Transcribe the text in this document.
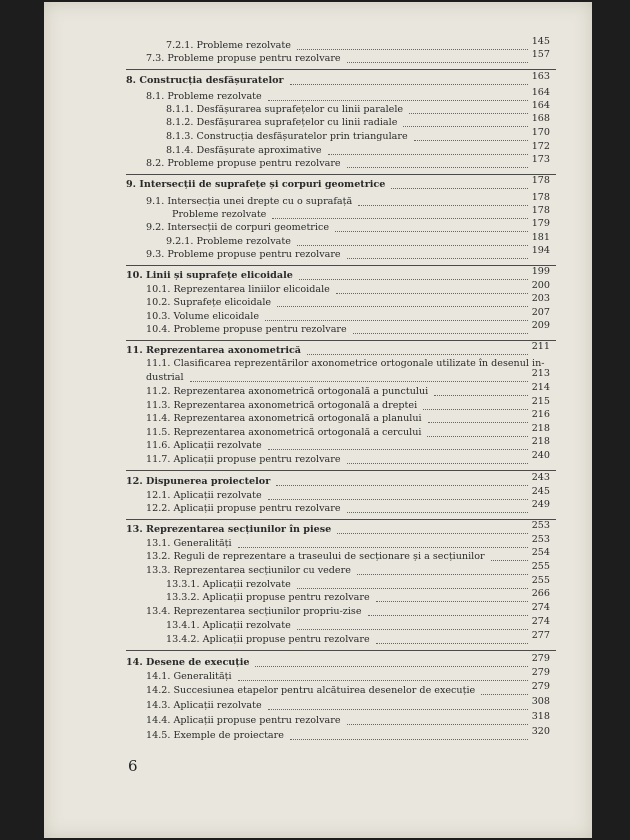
7.2.1. Probleme rezolvate	145
7.3. Probleme propuse pentru rezolvare	157
8. Construcția desfășuratelor	163
8.1. Probleme rezolvate	164
8.1.1. Desfășurarea suprafețelor cu linii paralele	164
8.1.2. Desfășurarea suprafețelor cu linii radiale	168
8.1.3. Construcția desfășuratelor prin triangulare	170
8.1.4. Desfășurate aproximative	172
8.2. Probleme propuse pentru rezolvare	173
9. Intersecții de suprafețe și corpuri geometrice	178
9.1. Intersecția unei drepte cu o suprafață	178
Probleme rezolvate	178
9.2. Intersecții de corpuri geometrice	179
9.2.1. Probleme rezolvate	181
9.3. Probleme propuse pentru rezolvare	194
10. Linii și suprafețe elicoidale	199
10.1. Reprezentarea liniilor elicoidale	200
10.2. Suprafețe elicoidale	203
10.3. Volume elicoidale	207
10.4. Probleme propuse pentru rezolvare	209
11. Reprezentarea axonometrică	211
11.1. Clasificarea reprezentărilor axonometrice ortogonale utilizate în desenul in-
dustrial	213
11.2. Reprezentarea axonometrică ortogonală a punctului	214
11.3. Reprezentarea axonometrică ortogonală a dreptei	215
11.4. Reprezentarea axonometrică ortogonală a planului	216
11.5. Reprezentarea axonometrică ortogonală a cercului	218
11.6. Aplicații rezolvate	218
11.7. Aplicații propuse pentru rezolvare	240
12. Dispunerea proiectelor	243
12.1. Aplicații rezolvate	245
12.2. Aplicații propuse pentru rezolvare	249
13. Reprezentarea secțiunilor în piese	253
13.1. Generalități	253
13.2. Reguli de reprezentare a traseului de secționare și a secțiunilor	254
13.3. Reprezentarea secțiunilor cu vedere	255
13.3.1. Aplicații rezolvate	255
13.3.2. Aplicații propuse pentru rezolvare	266
13.4. Reprezentarea secțiunilor propriu-zise	274
13.4.1. Aplicații rezolvate	274
13.4.2. Aplicații propuse pentru rezolvare	277
14. Desene de execuție	279
14.1. Generalități	279
14.2. Succesiunea etapelor pentru alcătuirea desenelor de execuție	279
14.3. Aplicații rezolvate	308
14.4. Aplicații propuse pentru rezolvare	318
14.5. Exemple de proiectare	320
6
